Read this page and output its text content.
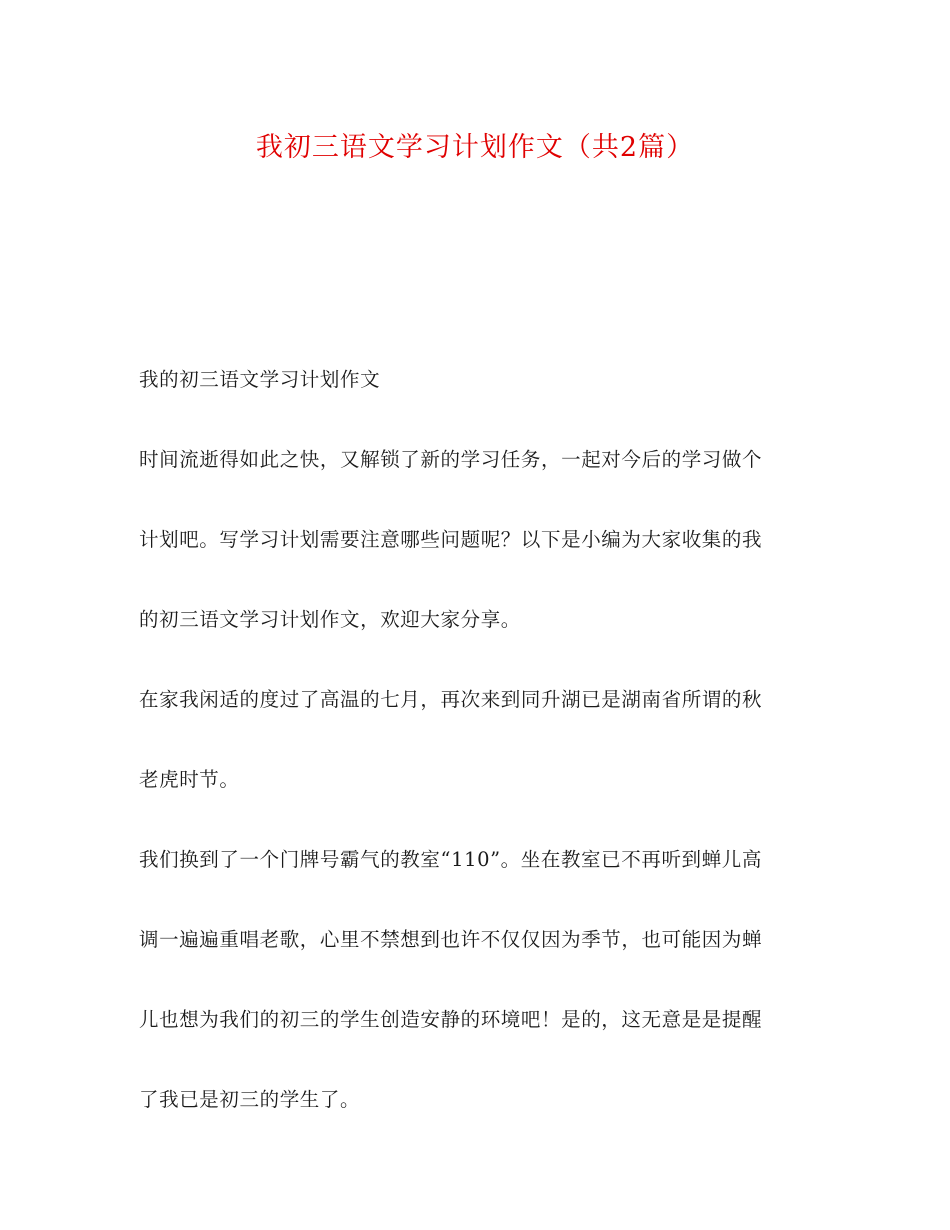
我初三语文学习计划作文（共2篇）

我的初三语文学习计划作文

时间流逝得如此之快，又解锁了新的学习任务，一起对今后的学习做个

计划吧。写学习计划需要注意哪些问题呢？以下是小编为大家收集的我

的初三语文学习计划作文，欢迎大家分享。

在家我闲适的度过了高温的七月，再次来到同升湖已是湖南省所谓的秋

老虎时节。

我们换到了一个门牌号霸气的教室“110”。坐在教室已不再听到蝉儿高

调一遍遍重唱老歌，心里不禁想到也许不仅仅因为季节，也可能因为蝉

儿也想为我们的初三的学生创造安静的环境吧！是的，这无意是是提醒

了我已是初三的学生了。
